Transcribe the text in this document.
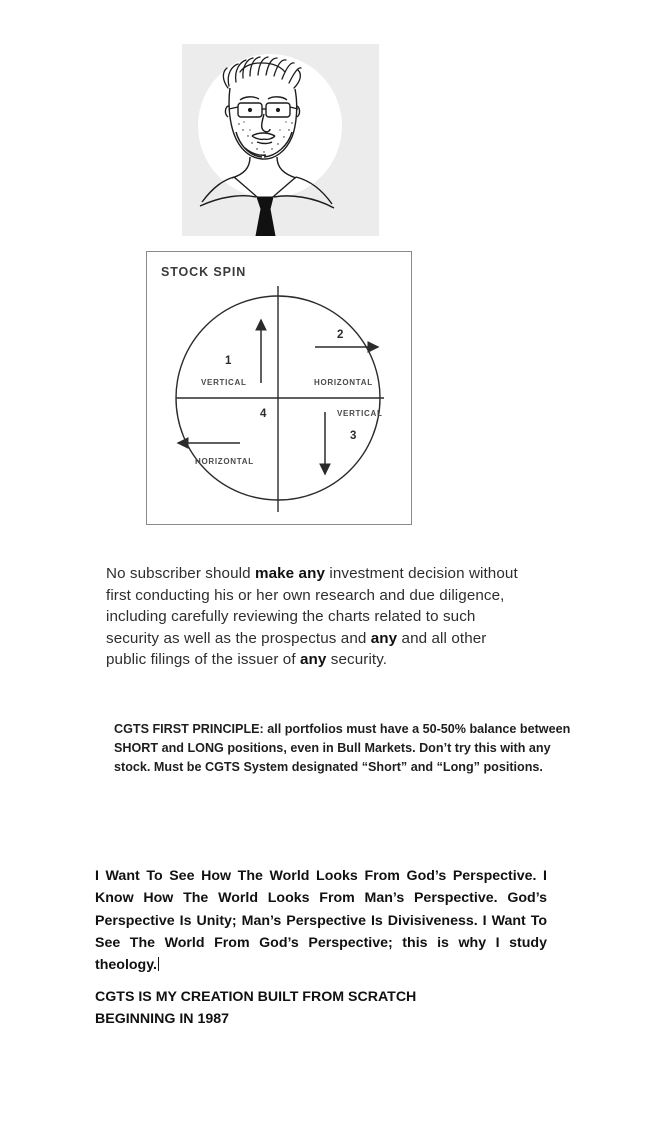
STOCK SPIN
1
VERTICAL
2
HORIZONTAL
VERTICAL
3
4
HORIZONTAL

No subscriber should make any investment decision without first conducting his or her own research and due diligence, including carefully reviewing the charts related to such security as well as the prospectus and any and all other public filings of the issuer of any security.

CGTS FIRST PRINCIPLE: all portfolios must have a 50-50% balance between SHORT and LONG positions, even in Bull Markets. Don’t try this with any stock. Must be CGTS System designated “Short” and “Long” positions.

I Want To See How The World Looks From God’s Perspective. I Know How The World Looks From Man’s Perspective. God’s Perspective Is Unity; Man’s Perspective Is Divisiveness. I Want To See The World From God’s Perspective; this is why I study theology.

CGTS IS MY CREATION BUILT FROM SCRATCH
BEGINNING IN 1987
